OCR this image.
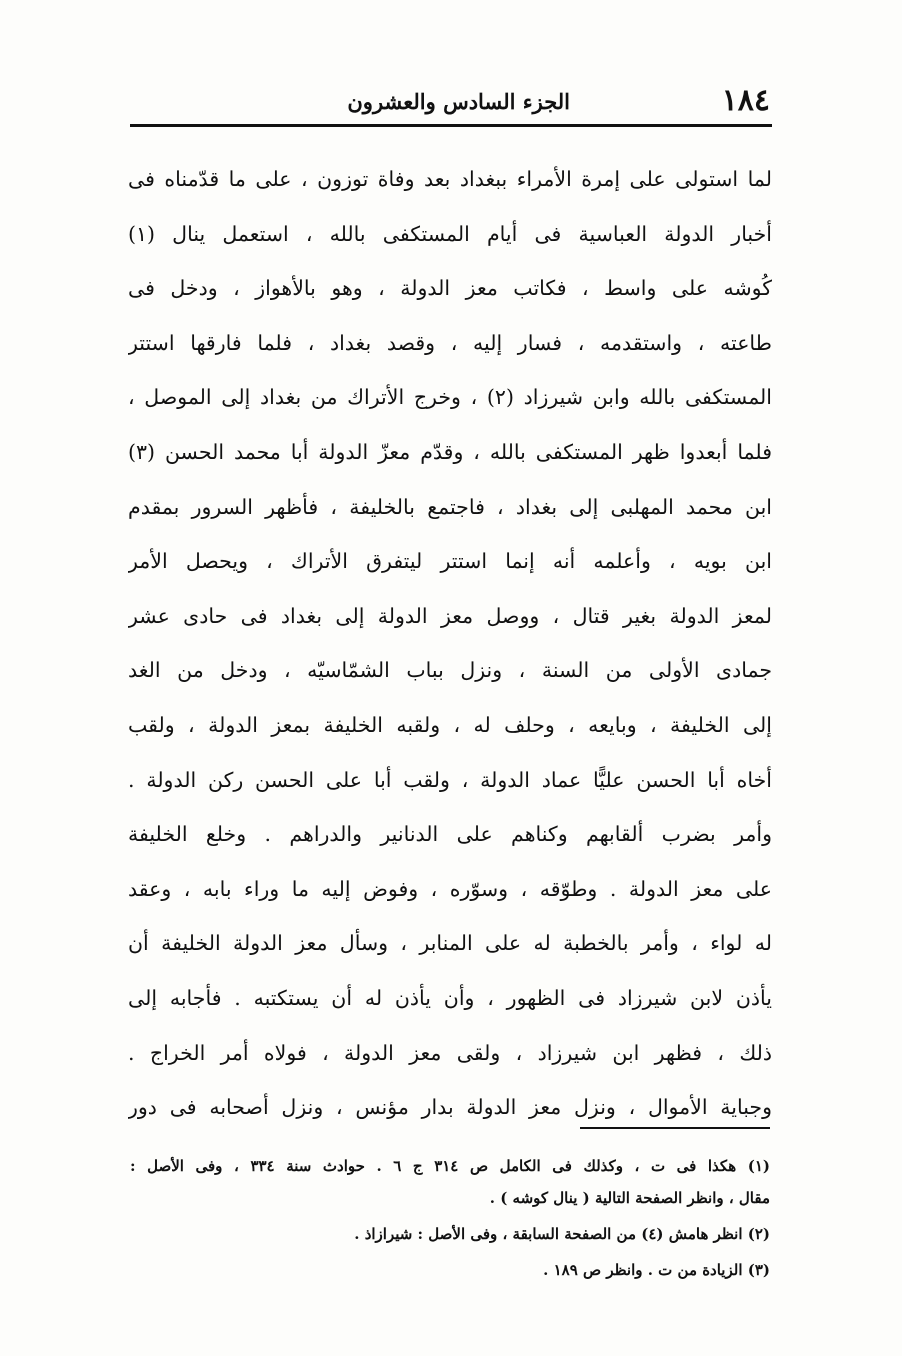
١٨٤
الجزء السادس والعشرون
لما استولى على إمرة الأمراء ببغداد بعد وفاة توزون ، على ما قدّمناه فى
أخبار الدولة العباسية فى أيام المستكفى بالله ، استعمل ينال (١)
كُوشه على واسط ، فكاتب معز الدولة ، وهو بالأهواز ، ودخل فى
طاعته ، واستقدمه ، فسار إليه ، وقصد بغداد ، فلما فارقها استتر
المستكفى بالله وابن شيرزاد (٢) ، وخرج الأتراك من بغداد إلى الموصل ،
فلما أبعدوا ظهر المستكفى بالله ، وقدّم معزّ الدولة أبا محمد الحسن (٣)
ابن محمد المهلبى إلى بغداد ، فاجتمع بالخليفة ، فأظهر السرور بمقدم
ابن بويه ، وأعلمه أنه إنما استتر ليتفرق الأتراك ، ويحصل الأمر
لمعز الدولة بغير قتال ، ووصل معز الدولة إلى بغداد فى حادى عشر
جمادى الأولى من السنة ، ونزل بباب الشمّاسيّه ، ودخل من الغد
إلى الخليفة ، وبايعه ، وحلف له ، ولقبه الخليفة بمعز الدولة ، ولقب
أخاه أبا الحسن عليًّا عماد الدولة ، ولقب أبا على الحسن ركن الدولة .
وأمر بضرب ألقابهم وكناهم على الدنانير والدراهم . وخلع الخليفة
على معز الدولة . وطوّقه ، وسوّره ، وفوض إليه ما وراء بابه ، وعقد
له لواء ، وأمر بالخطبة له على المنابر ، وسأل معز الدولة الخليفة أن
يأذن لابن شيرزاد فى الظهور ، وأن يأذن له أن يستكتبه . فأجابه إلى
ذلك ، فظهر ابن شيرزاد ، ولقى معز الدولة ، فولاه أمر الخراج .
وجباية الأموال ، ونزل معز الدولة بدار مؤنس ، ونزل أصحابه فى دور
(١) هكذا فى ت ، وكذلك فى الكامل ص ٣١٤ ج ٦ . حوادث سنة ٣٣٤ ، وفى الأصل :
مقال ، وانظر الصفحة التالية ( ينال كوشه ) .
(٢) انظر هامش (٤) من الصفحة السابقة ، وفى الأصل : شيرازاذ .
(٣) الزيادة من ت . وانظر ص ١٨٩ .
